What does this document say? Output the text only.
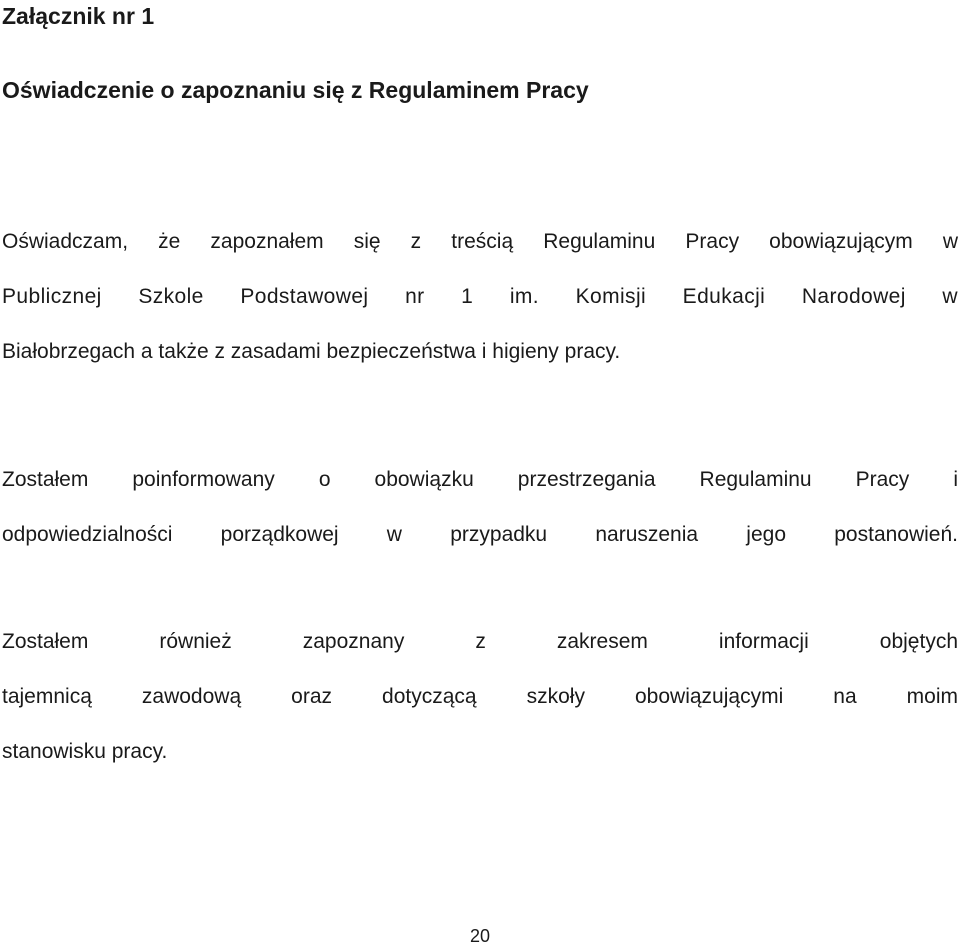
Załącznik nr 1
Oświadczenie o zapoznaniu się z Regulaminem Pracy
Oświadczam, że zapoznałem się z treścią Regulaminu Pracy obowiązującym w
Publicznej Szkole Podstawowej nr 1 im. Komisji Edukacji Narodowej w
Białobrzegach a także z zasadami bezpieczeństwa i higieny pracy.
Zostałem poinformowany o obowiązku przestrzegania Regulaminu Pracy i
odpowiedzialności porządkowej w przypadku naruszenia jego postanowień.
Zostałem również zapoznany z zakresem informacji objętych
tajemnicą zawodową oraz dotyczącą szkoły obowiązującymi na moim
stanowisku pracy.
20
